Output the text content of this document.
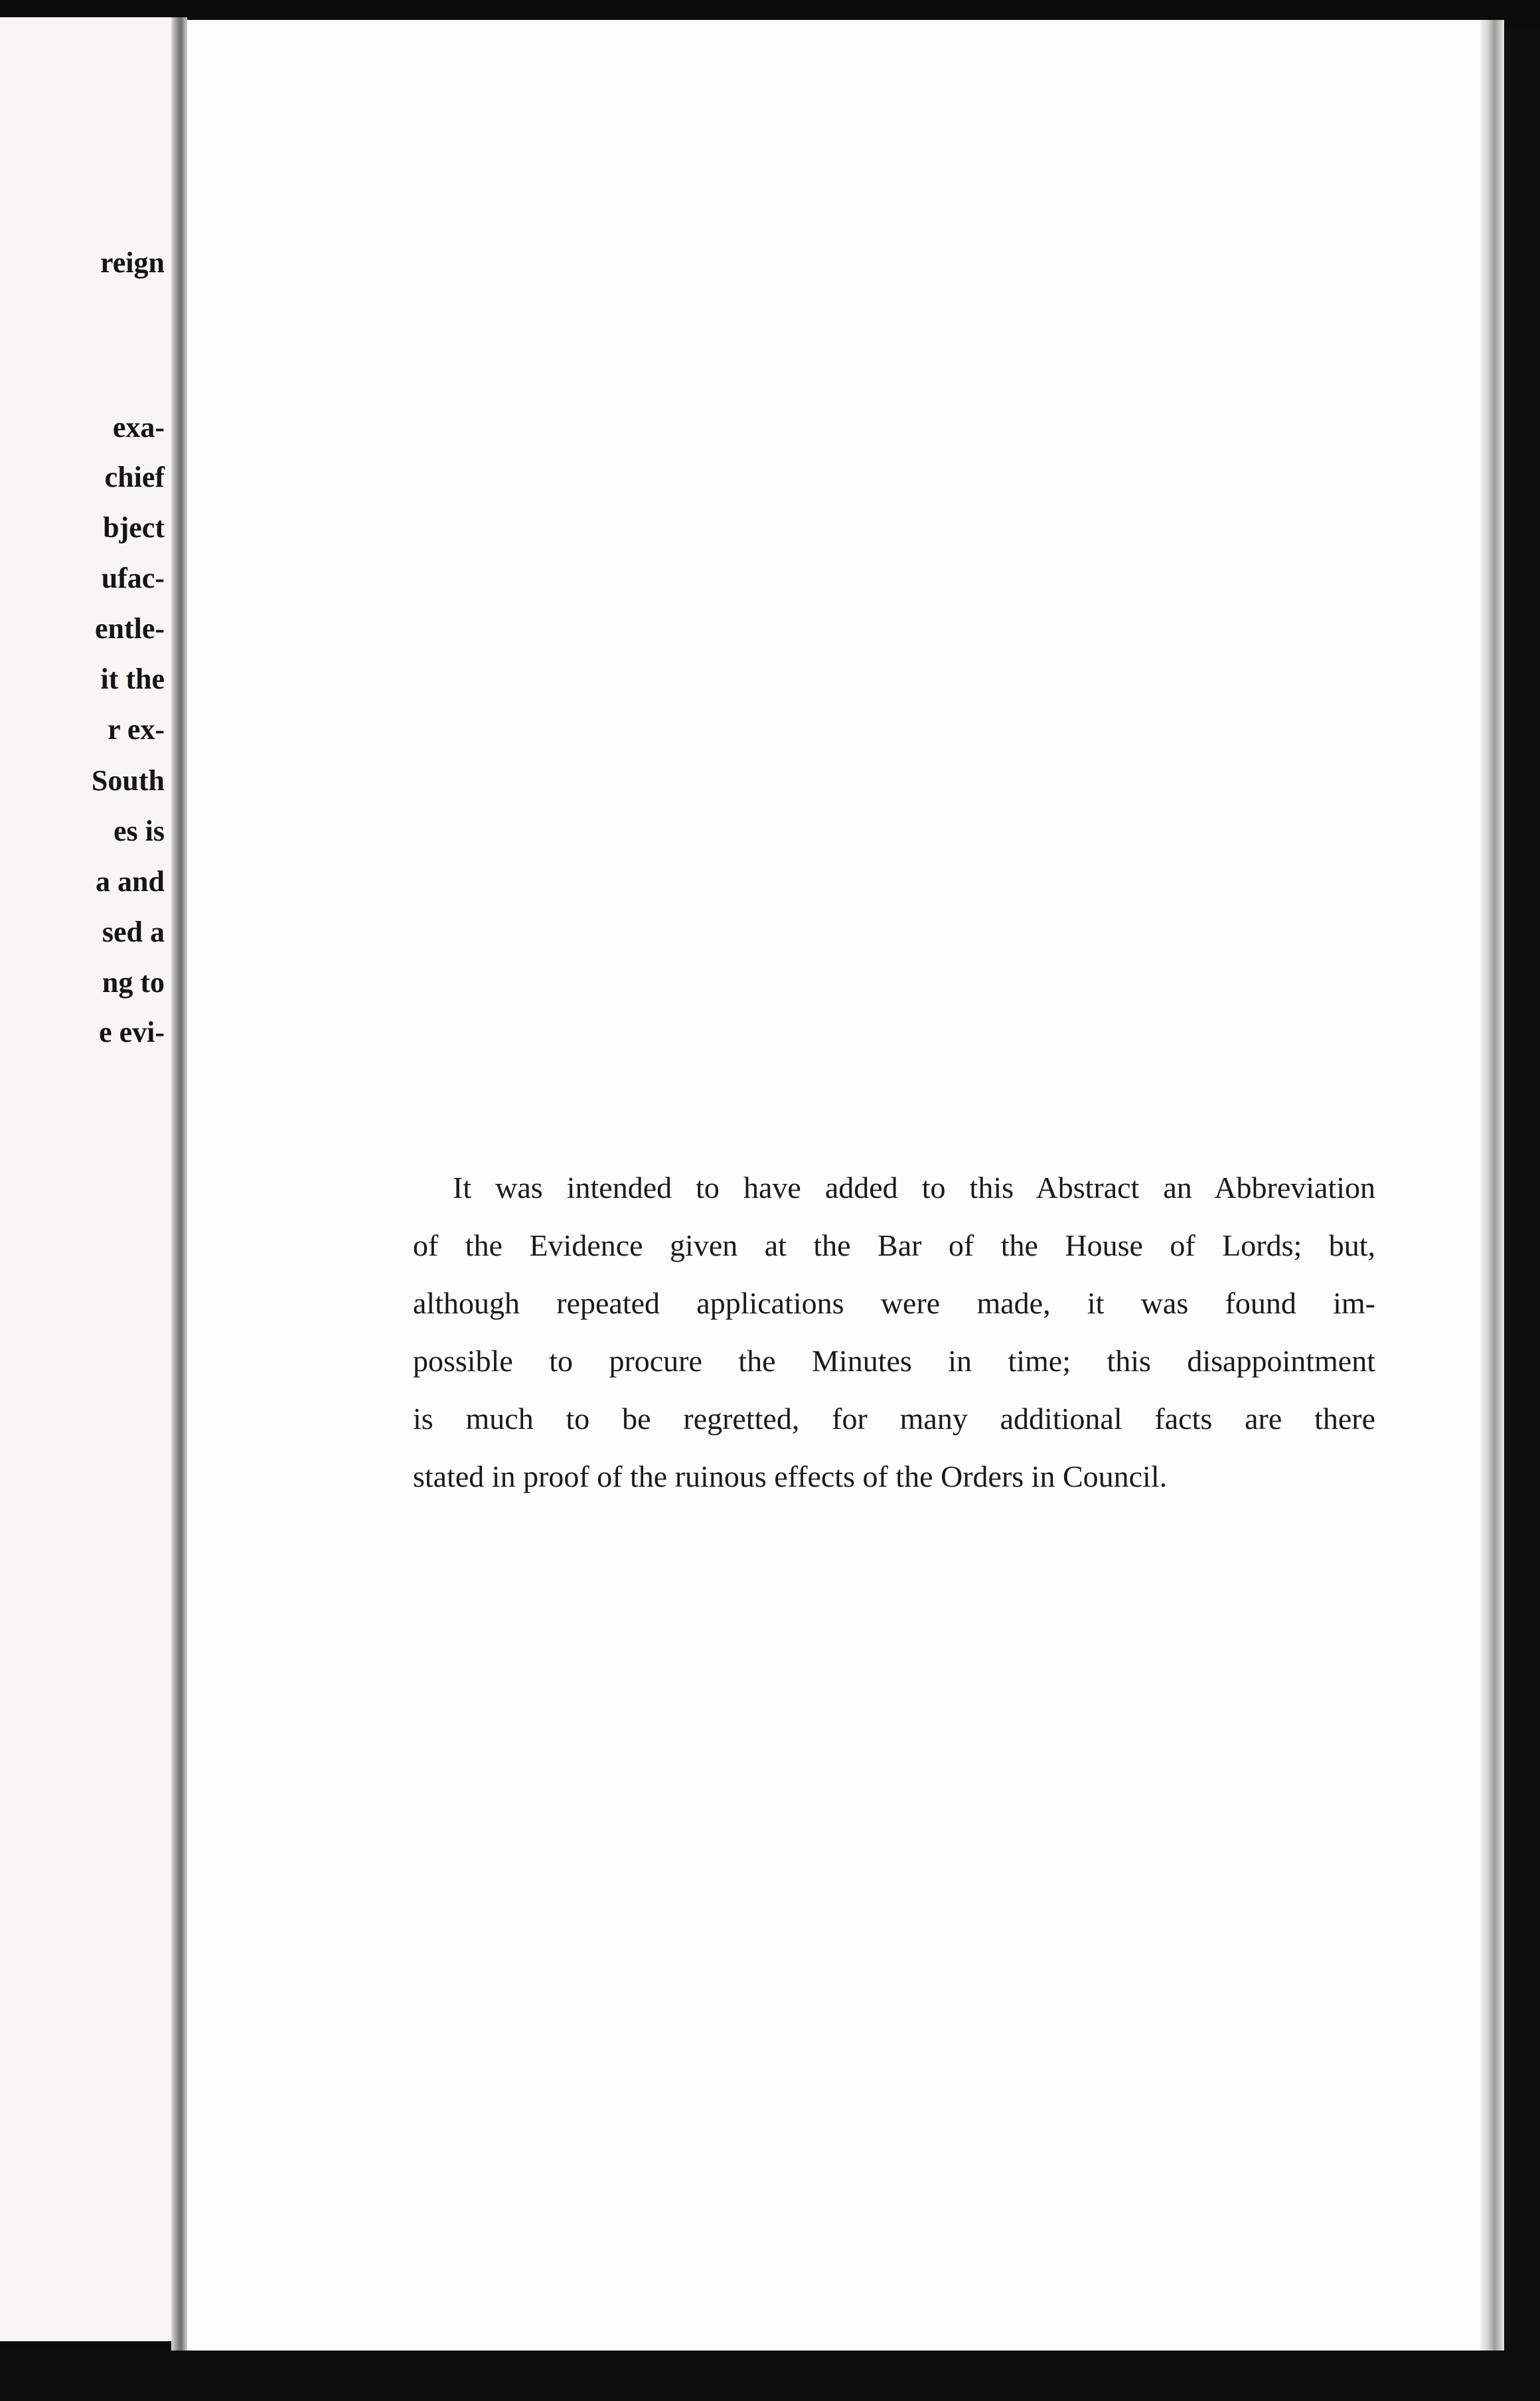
reign
exa-
chief
bject
ufac-
entle-
it the
r ex-
South
es is
a and
sed a
ng to
e evi-
It was intended to have added to this Abstract an Abbreviation
of the Evidence given at the Bar of the House of Lords; but,
although repeated applications were made, it was found im-
possible to procure the Minutes in time; this disappointment
is much to be regretted, for many additional facts are there
stated in proof of the ruinous effects of the Orders in Council.
